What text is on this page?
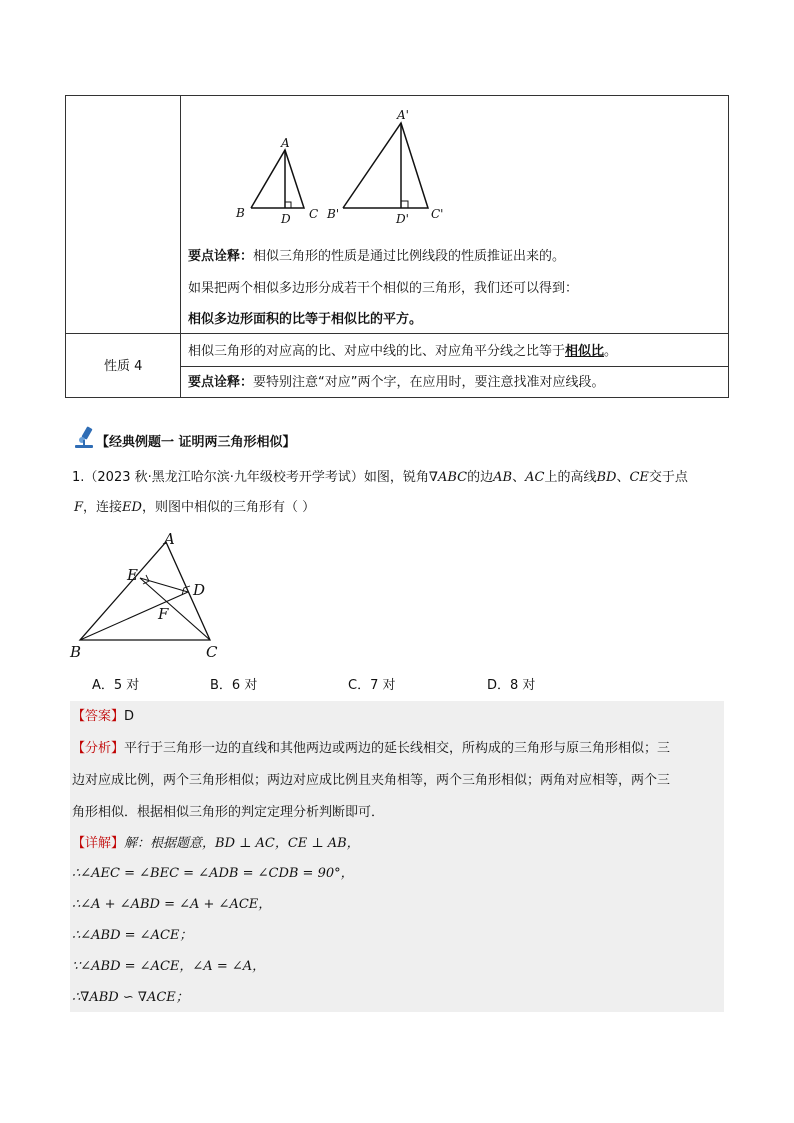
A
B	C
D
A'
B'	C'
D'
要点诠释：相似三角形的性质是通过比例线段的性质推证出来的。
如果把两个相似多边形分成若干个相似的三角形，我们还可以得到：
相似多边形面积的比等于相似比的平方。
性质 4
相似三角形的对应高的比、对应中线的比、对应角平分线之比等于相似比。
要点诠释：要特别注意“对应”两个字，在应用时，要注意找准对应线段。
【经典例题一 证明两三角形相似】
1.（2023 秋·黑龙江哈尔滨·九年级校考开学考试）如图，锐角∇ABC的边AB、AC上的高线BD、CE交于点
F，连接ED，则图中相似的三角形有（ ）
A
B	C
D
E
F
A．5 对	B．6 对	C．7 对	D．8 对
【答案】D
【分析】平行于三角形一边的直线和其他两边或两边的延长线相交，所构成的三角形与原三角形相似；三
边对应成比例，两个三角形相似；两边对应成比例且夹角相等，两个三角形相似；两角对应相等，两个三
角形相似．根据相似三角形的判定定理分析判断即可．
【详解】解：根据题意，BD ⊥ AC，CE ⊥ AB，
∴∠AEC = ∠BEC = ∠ADB = ∠CDB = 90°，
∴∠A + ∠ABD = ∠A + ∠ACE，
∴∠ABD = ∠ACE；
∵∠ABD = ∠ACE，∠A = ∠A，
∴∇ABD ∽ ∇ACE；
